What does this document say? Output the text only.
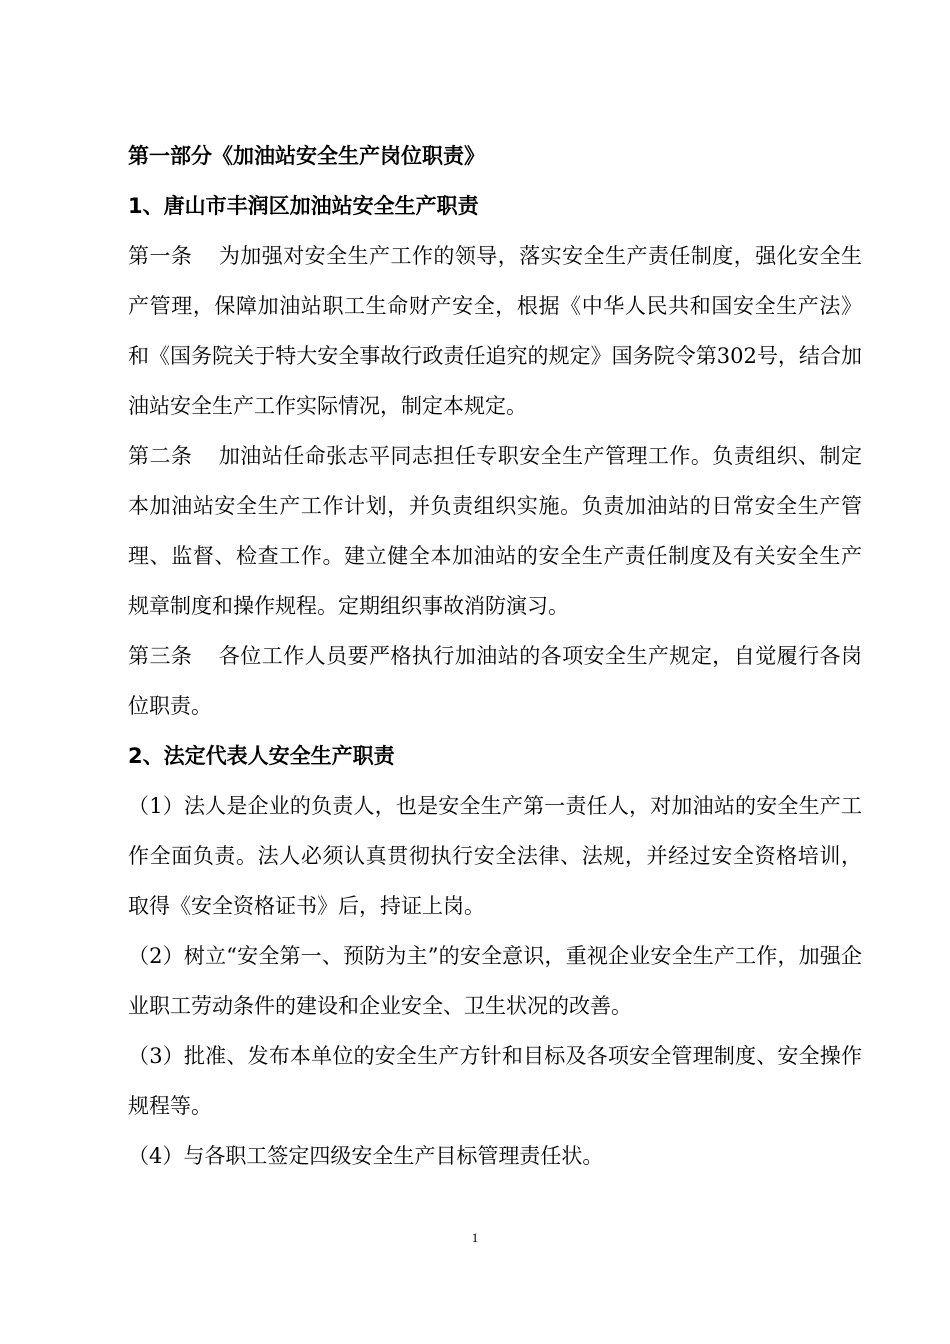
第一部分《加油站安全生产岗位职责》
1、唐山市丰润区加油站安全生产职责

第一条 为加强对安全生产工作的领导，落实安全生产责任制度，强化安全生产管理，保障加油站职工生命财产安全，根据《中华人民共和国安全生产法》和《国务院关于特大安全事故行政责任追究的规定》国务院令第302号，结合加油站安全生产工作实际情况，制定本规定。

第二条 加油站任命张志平同志担任专职安全生产管理工作。负责组织、制定本加油站安全生产工作计划，并负责组织实施。负责加油站的日常安全生产管理、监督、检查工作。建立健全本加油站的安全生产责任制度及有关安全生产规章制度和操作规程。定期组织事故消防演习。

第三条 各位工作人员要严格执行加油站的各项安全生产规定，自觉履行各岗位职责。

2、法定代表人安全生产职责

（1）法人是企业的负责人，也是安全生产第一责任人，对加油站的安全生产工作全面负责。法人必须认真贯彻执行安全法律、法规，并经过安全资格培训，取得《安全资格证书》后，持证上岗。

（2）树立“安全第一、预防为主”的安全意识，重视企业安全生产工作，加强企业职工劳动条件的建设和企业安全、卫生状况的改善。

（3）批准、发布本单位的安全生产方针和目标及各项安全管理制度、安全操作规程等。

（4）与各职工签定四级安全生产目标管理责任状。

1
